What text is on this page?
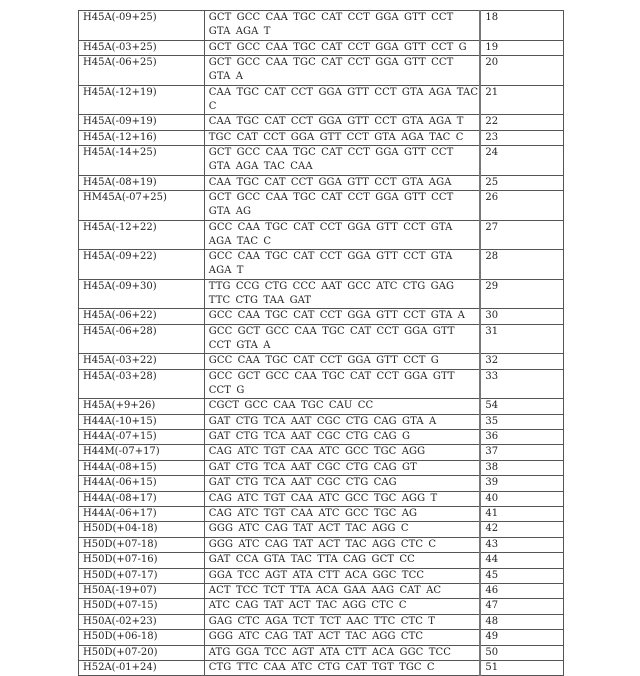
H45A(-09+25)	GCT GCC CAA TGC CAT CCT GGA GTT CCT GTA AGA T	18
H45A(-03+25)	GCT GCC CAA TGC CAT CCT GGA GTT CCT G	19
H45A(-06+25)	GCT GCC CAA TGC CAT CCT GGA GTT CCT GTA A	20
H45A(-12+19)	CAA TGC CAT CCT GGA GTT CCT GTA AGA TAC C	21
H45A(-09+19)	CAA TGC CAT CCT GGA GTT CCT GTA AGA T	22
H45A(-12+16)	TGC CAT CCT GGA GTT CCT GTA AGA TAC C	23
H45A(-14+25)	GCT GCC CAA TGC CAT CCT GGA GTT CCT GTA AGA TAC CAA	24
H45A(-08+19)	CAA TGC CAT CCT GGA GTT CCT GTA AGA	25
HM45A(-07+25)	GCT GCC CAA TGC CAT CCT GGA GTT CCT GTA AG	26
H45A(-12+22)	GCC CAA TGC CAT CCT GGA GTT CCT GTA AGA TAC C	27
H45A(-09+22)	GCC CAA TGC CAT CCT GGA GTT CCT GTA AGA T	28
H45A(-09+30)	TTG CCG CTG CCC AAT GCC ATC CTG GAG TTC CTG TAA GAT	29
H45A(-06+22)	GCC CAA TGC CAT CCT GGA GTT CCT GTA A	30
H45A(-06+28)	GCC GCT GCC CAA TGC CAT CCT GGA GTT CCT GTA A	31
H45A(-03+22)	GCC CAA TGC CAT CCT GGA GTT CCT G	32
H45A(-03+28)	GCC GCT GCC CAA TGC CAT CCT GGA GTT CCT G	33
H45A(+9+26)	CGCT GCC CAA TGC CAU CC	54
H44A(-10+15)	GAT CTG TCA AAT CGC CTG CAG GTA A	35
H44A(-07+15)	GAT CTG TCA AAT CGC CTG CAG G	36
H44M(-07+17)	CAG ATC TGT CAA ATC GCC TGC AGG	37
H44A(-08+15)	GAT CTG TCA AAT CGC CTG CAG GT	38
H44A(-06+15)	GAT CTG TCA AAT CGC CTG CAG	39
H44A(-08+17)	CAG ATC TGT CAA ATC GCC TGC AGG T	40
H44A(-06+17)	CAG ATC TGT CAA ATC GCC TGC AG	41
H50D(+04-18)	GGG ATC CAG TAT ACT TAC AGG C	42
H50D(+07-18)	GGG ATC CAG TAT ACT TAC AGG CTC C	43
H50D(+07-16)	GAT CCA GTA TAC TTA CAG GCT CC	44
H50D(+07-17)	GGA TCC AGT ATA CTT ACA GGC TCC	45
H50A(-19+07)	ACT TCC TCT TTA ACA GAA AAG CAT AC	46
H50D(+07-15)	ATC CAG TAT ACT TAC AGG CTC C	47
H50A(-02+23)	GAG CTC AGA TCT TCT AAC TTC CTC T	48
H50D(+06-18)	GGG ATC CAG TAT ACT TAC AGG CTC	49
H50D(+07-20)	ATG GGA TCC AGT ATA CTT ACA GGC TCC	50
H52A(-01+24)	CTG TTC CAA ATC CTG CAT TGT TGC C	51
